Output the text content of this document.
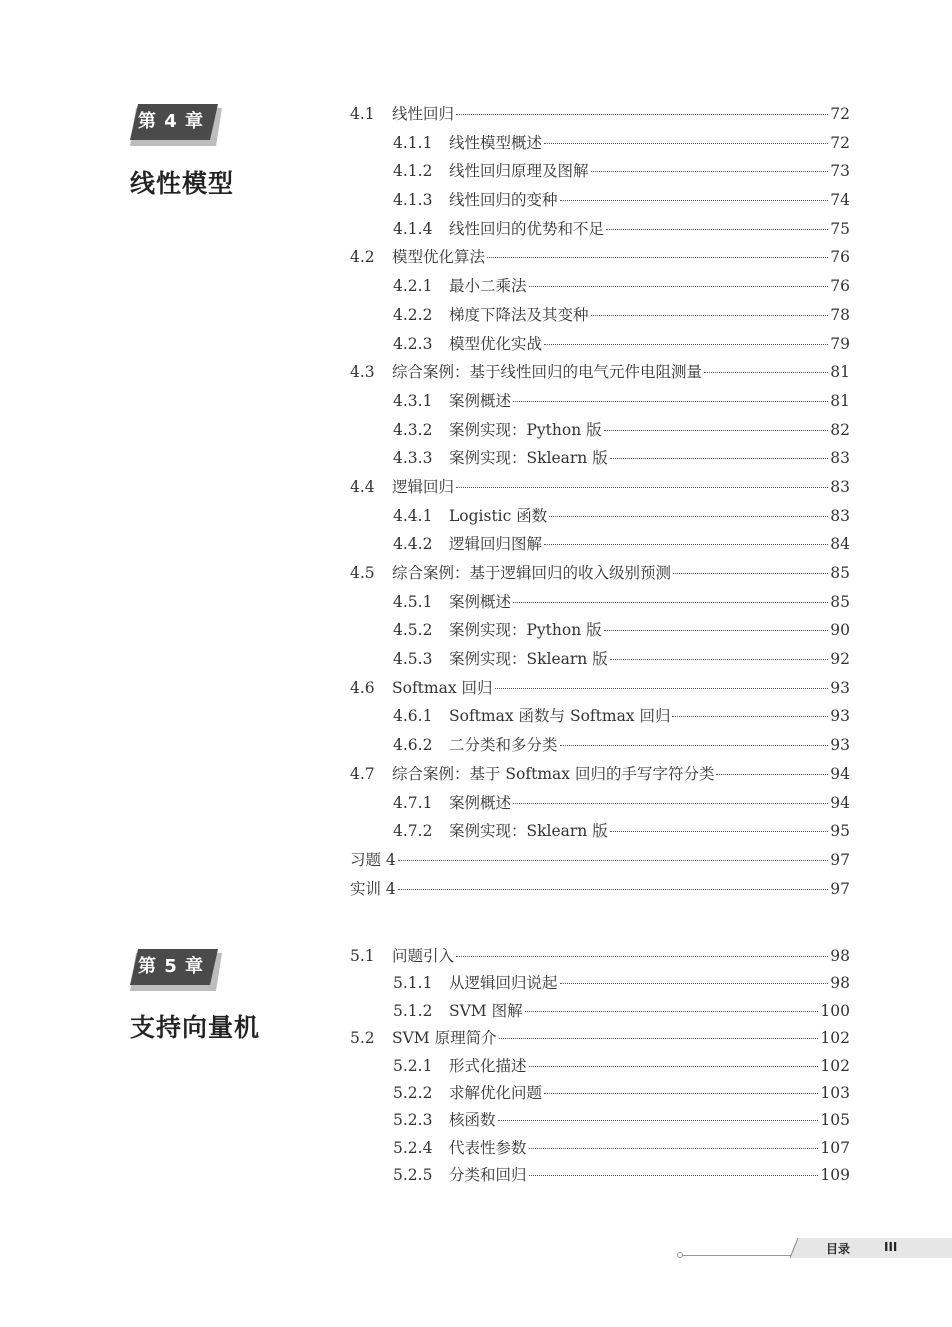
第 4 章
线性模型
4.1	线性回归	72
4.1.1	线性模型概述	72
4.1.2	线性回归原理及图解	73
4.1.3	线性回归的变种	74
4.1.4	线性回归的优势和不足	75
4.2	模型优化算法	76
4.2.1	最小二乘法	76
4.2.2	梯度下降法及其变种	78
4.2.3	模型优化实战	79
4.3	综合案例：基于线性回归的电气元件电阻测量	81
4.3.1	案例概述	81
4.3.2	案例实现：Python 版	82
4.3.3	案例实现：Sklearn 版	83
4.4	逻辑回归	83
4.4.1	Logistic 函数	83
4.4.2	逻辑回归图解	84
4.5	综合案例：基于逻辑回归的收入级别预测	85
4.5.1	案例概述	85
4.5.2	案例实现：Python 版	90
4.5.3	案例实现：Sklearn 版	92
4.6	Softmax 回归	93
4.6.1	Softmax 函数与 Softmax 回归	93
4.6.2	二分类和多分类	93
4.7	综合案例：基于 Softmax 回归的手写字符分类	94
4.7.1	案例概述	94
4.7.2	案例实现：Sklearn 版	95
习题 4	97
实训 4	97
第 5 章
支持向量机
5.1	问题引入	98
5.1.1	从逻辑回归说起	98
5.1.2	SVM 图解	100
5.2	SVM 原理简介	102
5.2.1	形式化描述	102
5.2.2	求解优化问题	103
5.2.3	核函数	105
5.2.4	代表性参数	107
5.2.5	分类和回归	109
目录	III
